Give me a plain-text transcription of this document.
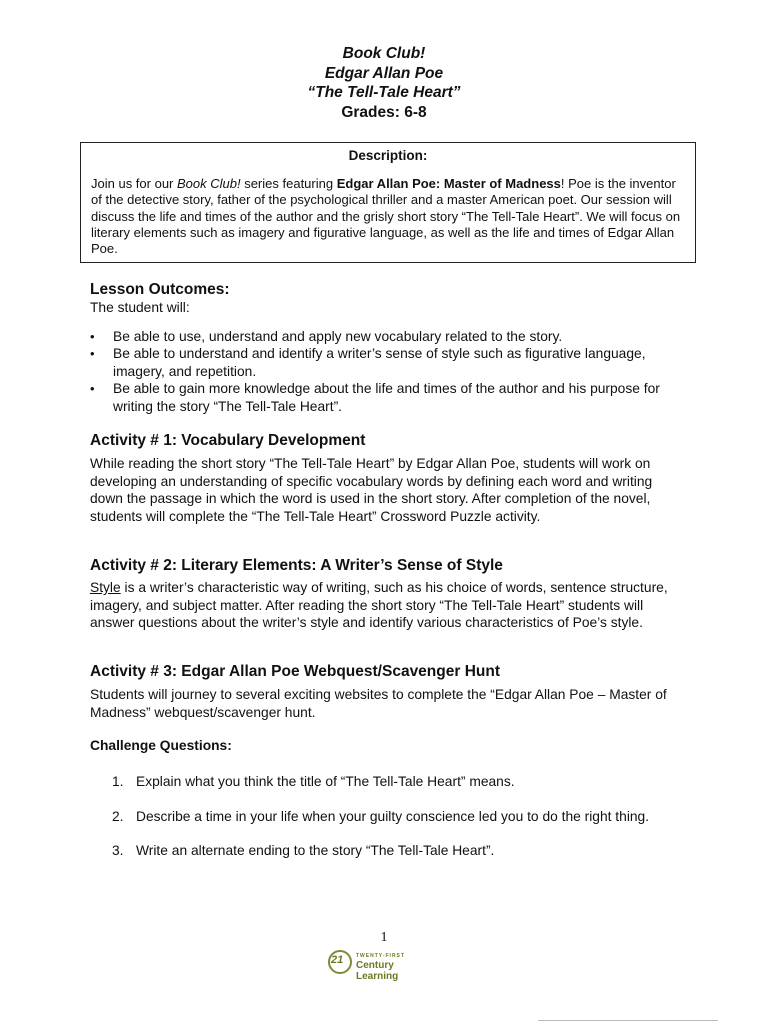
Book Club!
Edgar Allan Poe
“The Tell-Tale Heart”
Grades: 6-8
Description:
Join us for our Book Club! series featuring Edgar Allan Poe: Master of Madness! Poe is the inventor of the detective story, father of the psychological thriller and a master American poet. Our session will discuss the life and times of the author and the grisly short story “The Tell-Tale Heart”. We will focus on literary elements such as imagery and figurative language, as well as the life and times of Edgar Allan Poe.
Lesson Outcomes:
The student will:
• Be able to use, understand and apply new vocabulary related to the story.
• Be able to understand and identify a writer’s sense of style such as figurative language, imagery, and repetition.
• Be able to gain more knowledge about the life and times of the author and his purpose for writing the story “The Tell-Tale Heart”.
Activity # 1: Vocabulary Development
While reading the short story “The Tell-Tale Heart” by Edgar Allan Poe, students will work on developing an understanding of specific vocabulary words by defining each word and writing down the passage in which the word is used in the short story. After completion of the novel, students will complete the “The Tell-Tale Heart” Crossword Puzzle activity.
Activity # 2: Literary Elements: A Writer’s Sense of Style
Style is a writer’s characteristic way of writing, such as his choice of words, sentence structure, imagery, and subject matter. After reading the short story “The Tell-Tale Heart” students will answer questions about the writer’s style and identify various characteristics of Poe’s style.
Activity # 3: Edgar Allan Poe Webquest/Scavenger Hunt
Students will journey to several exciting websites to complete the “Edgar Allan Poe – Master of Madness” webquest/scavenger hunt.
Challenge Questions:
1. Explain what you think the title of “The Tell-Tale Heart” means.
2. Describe a time in your life when your guilty conscience led you to do the right thing.
3. Write an alternate ending to the story “The Tell-Tale Heart”.
1
21	TWENTY-FIRST
Century Learning
